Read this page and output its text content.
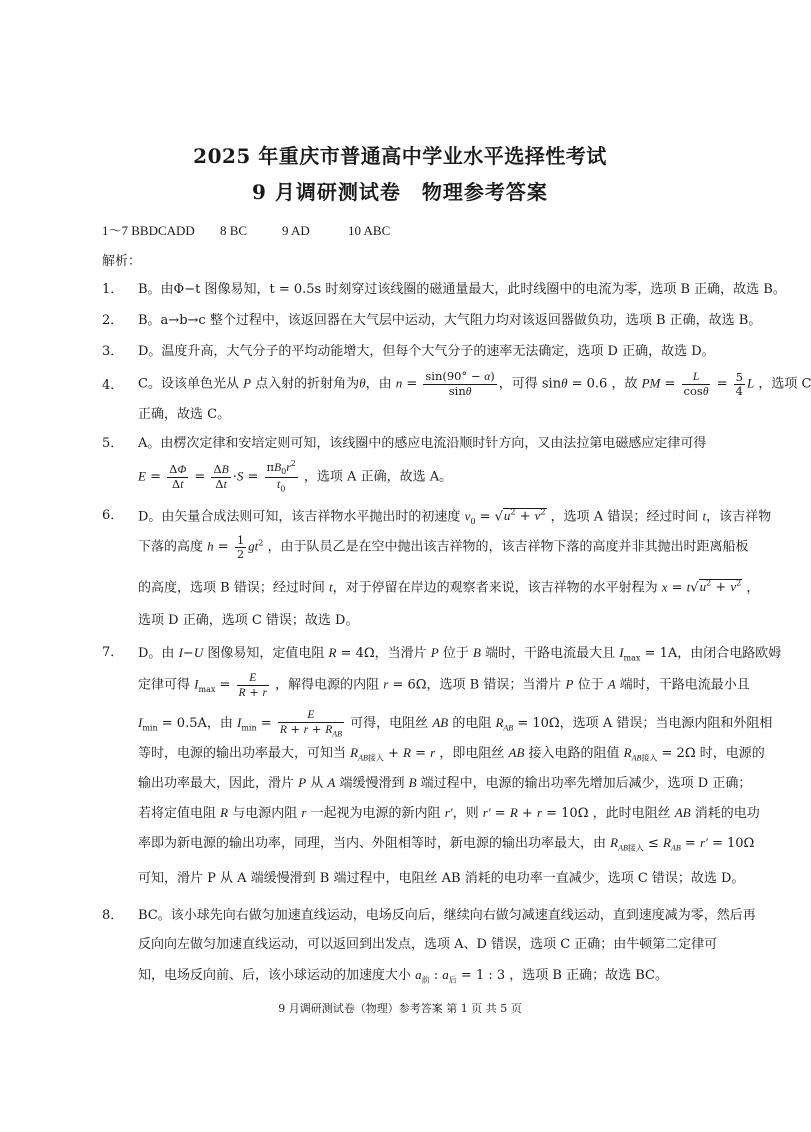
2025 年重庆市普通高中学业水平选择性考试
9 月调研测试卷　物理参考答案
1～7 BBDCADD 8 BC	9 AD	10 ABC
解析：
1．	B。由Φ−t 图像易知，t = 0.5s 时刻穿过该线圈的磁通量最大，此时线圈中的电流为零，选项 B 正确，故选 B。
2．	B。a→b→c 整个过程中，该返回器在大气层中运动，大气阻力均对该返回器做负功，选项 B 正确，故选 B。
3．	D。温度升高，大气分子的平均动能增大，但每个大气分子的速率无法确定，选项 D 正确，故选 D。
4．	C。设该单色光从 P 点入射的折射角为θ，由 $n = \frac{\sin(90^\circ - \alpha)}{\sin\theta}$ ，可得 sinθ = 0.6 ，故 PM = $\frac{L}{\cos\theta} = \frac{5}{4}$ L ，选项 C
正确，故选 C。
5．	A。由楞次定律和安培定则可知，该线圈中的感应电流沿顺时针方向，又由法拉第电磁感应定律可得
$E = \frac{\Delta\Phi}{\Delta t} = \frac{\Delta B}{\Delta t} \cdot S = \frac{\pi B_0r^2}{t_0}$ ，选项 A 正确，故选 A。
6．	D。由矢量合成法则可知，该吉祥物水平抛出时的初速度 $v_0 = √u^2 + v^2$ ，选项 A 错误；经过时间 t，该吉祥物
下落的高度 $h = \frac{1}{2} gt^2$ ，由于队员乙是在空中抛出该吉祥物的，该吉祥物下落的高度并非其抛出时距离船板
的高度，选项 B 错误；经过时间 t，对于停留在岸边的观察者来说，该吉祥物的水平射程为 $x = t√u^2 + v^2$ ，
选项 D 正确，选项 C 错误；故选 D。
7．	D。由 I−U 图像易知，定值电阻 R = 4Ω，当滑片 P 位于 B 端时，干路电流最大且 $I_{max} = 1A$，由闭合电路欧姆
定律可得 $I_{max} = \frac{E}{R + r}$ ，解得电源的内阻 r = 6Ω，选项 B 错误；当滑片 P 位于 A 端时，干路电流最小且
$I_{min} = 0.5A$，由 $I_{min} = \frac{E}{R + r + R_{AB}}$ 可得，电阻丝 AB 的电阻 $R_{AB} = 10\Omega$，选项 A 错误；当电源内阻和外阻相
等时，电源的输出功率最大，可知当 $R_{AB接入} + R = r$ ，即电阻丝 AB 接入电路的阻值 $R_{AB接入} = 2\Omega$ 时，电源的
输出功率最大，因此，滑片 P 从 A 端缓慢滑到 B 端过程中，电源的输出功率先增加后减少，选项 D 正确；
若将定值电阻 R 与电源内阻 r 一起视为电源的新内阻 r′，则 r′ = R + r = 10Ω ，此时电阻丝 AB 消耗的电功
率即为新电源的输出功率，同理，当内、外阻相等时，新电源的输出功率最大，由 $R_{AB接入} \le R_{AB} = r' = 10\Omega$
可知，滑片 P 从 A 端缓慢滑到 B 端过程中，电阻丝 AB 消耗的电功率一直减少，选项 C 错误；故选 D。
8．	BC。该小球先向右做匀加速直线运动，电场反向后，继续向右做匀减速直线运动，直到速度减为零，然后再
反向向左做匀加速直线运动，可以返回到出发点，选项 A、D 错误，选项 C 正确；由牛顿第二定律可
知，电场反向前、后，该小球运动的加速度大小 $a_前$ : $a_后 = 1$ : 3 ，选项 B 正确；故选 BC。
9 月调研测试卷（物理）参考答案 第 1 页 共 5 页
